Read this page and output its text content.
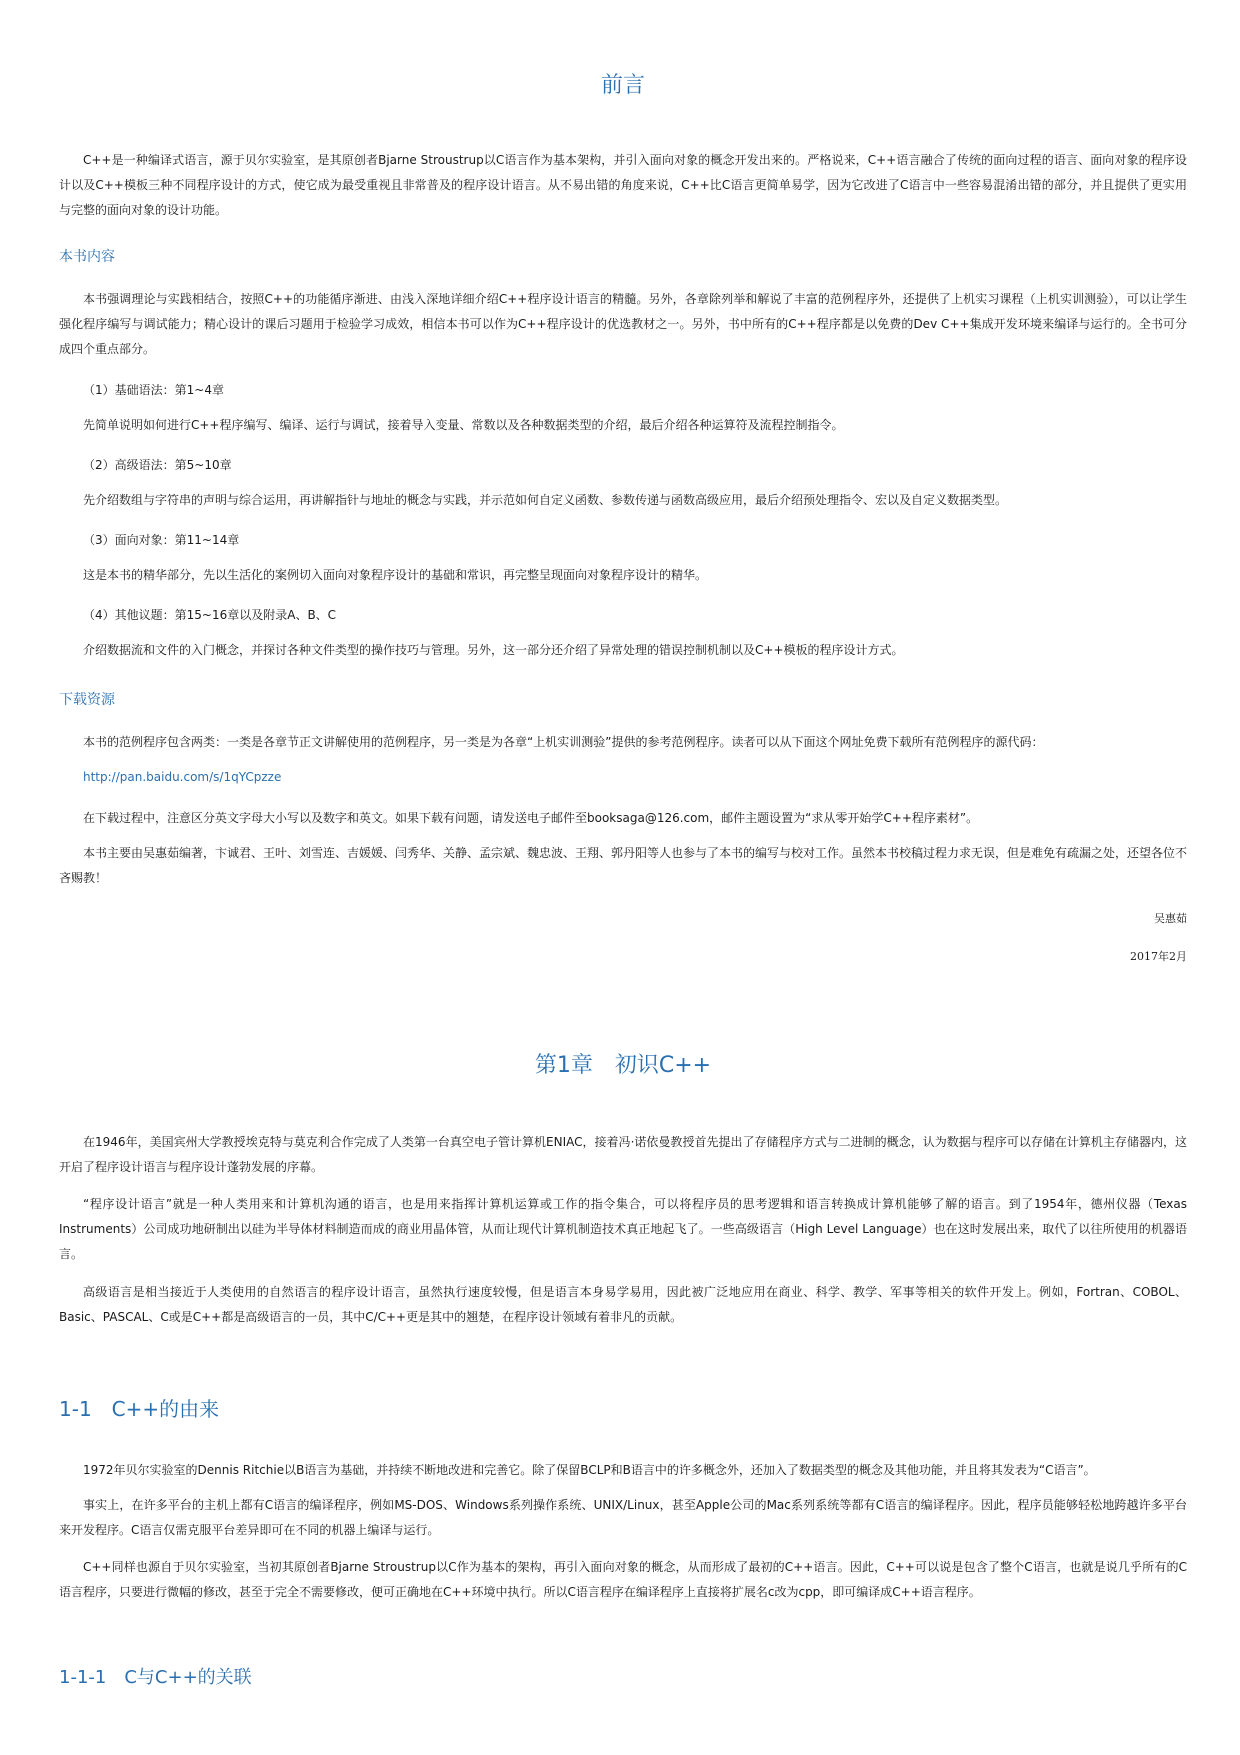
前言

C++是一种编译式语言，源于贝尔实验室，是其原创者Bjarne Stroustrup以C语言作为基本架构，并引入面向对象的概念开发出来的。严格说来，C++语言融合了传统的面向过程的语言、面向对象的程序设计以及C++模板三种不同程序设计的方式，使它成为最受重视且非常普及的程序设计语言。从不易出错的角度来说，C++比C语言更简单易学，因为它改进了C语言中一些容易混淆出错的部分，并且提供了更实用与完整的面向对象的设计功能。

本书内容

本书强调理论与实践相结合，按照C++的功能循序渐进、由浅入深地详细介绍C++程序设计语言的精髓。另外，各章除列举和解说了丰富的范例程序外，还提供了上机实习课程（上机实训测验），可以让学生强化程序编写与调试能力；精心设计的课后习题用于检验学习成效，相信本书可以作为C++程序设计的优选教材之一。另外，书中所有的C++程序都是以免费的Dev C++集成开发环境来编译与运行的。全书可分成四个重点部分。

（1）基础语法：第1~4章

先简单说明如何进行C++程序编写、编译、运行与调试，接着导入变量、常数以及各种数据类型的介绍，最后介绍各种运算符及流程控制指令。

（2）高级语法：第5~10章

先介绍数组与字符串的声明与综合运用，再讲解指针与地址的概念与实践，并示范如何自定义函数、参数传递与函数高级应用，最后介绍预处理指令、宏以及自定义数据类型。

（3）面向对象：第11~14章

这是本书的精华部分，先以生活化的案例切入面向对象程序设计的基础和常识，再完整呈现面向对象程序设计的精华。

（4）其他议题：第15~16章以及附录A、B、C

介绍数据流和文件的入门概念，并探讨各种文件类型的操作技巧与管理。另外，这一部分还介绍了异常处理的错误控制机制以及C++模板的程序设计方式。

下载资源

本书的范例程序包含两类：一类是各章节正文讲解使用的范例程序，另一类是为各章“上机实训测验”提供的参考范例程序。读者可以从下面这个网址免费下载所有范例程序的源代码：

http://pan.baidu.com/s/1qYCpzze

在下载过程中，注意区分英文字母大小写以及数字和英文。如果下载有问题，请发送电子邮件至booksaga@126.com，邮件主题设置为“求从零开始学C++程序素材”。

本书主要由吴惠茹编著，卞诚君、王叶、刘雪连、吉媛媛、闫秀华、关静、孟宗斌、魏忠波、王翔、郭丹阳等人也参与了本书的编写与校对工作。虽然本书校稿过程力求无误，但是难免有疏漏之处，还望各位不吝赐教！

吴惠茹
2017年2月
第1章　初识C++

在1946年，美国宾州大学教授埃克特与莫克利合作完成了人类第一台真空电子管计算机ENIAC，接着冯·诺依曼教授首先提出了存储程序方式与二进制的概念，认为数据与程序可以存储在计算机主存储器内，这开启了程序设计语言与程序设计蓬勃发展的序幕。

“程序设计语言”就是一种人类用来和计算机沟通的语言，也是用来指挥计算机运算或工作的指令集合，可以将程序员的思考逻辑和语言转换成计算机能够了解的语言。到了1954年，德州仪器（Texas Instruments）公司成功地研制出以硅为半导体材料制造而成的商业用晶体管，从而让现代计算机制造技术真正地起飞了。一些高级语言（High Level Language）也在这时发展出来，取代了以往所使用的机器语言。

高级语言是相当接近于人类使用的自然语言的程序设计语言，虽然执行速度较慢，但是语言本身易学易用，因此被广泛地应用在商业、科学、教学、军事等相关的软件开发上。例如，Fortran、COBOL、Basic、PASCAL、C或是C++都是高级语言的一员，其中C/C++更是其中的翘楚，在程序设计领域有着非凡的贡献。

1-1　C++的由来

1972年贝尔实验室的Dennis Ritchie以B语言为基础，并持续不断地改进和完善它。除了保留BCLP和B语言中的许多概念外，还加入了数据类型的概念及其他功能，并且将其发表为“C语言”。

事实上，在许多平台的主机上都有C语言的编译程序，例如MS-DOS、Windows系列操作系统、UNIX/Linux，甚至Apple公司的Mac系列系统等都有C语言的编译程序。因此，程序员能够轻松地跨越许多平台来开发程序。C语言仅需克服平台差异即可在不同的机器上编译与运行。

C++同样也源自于贝尔实验室，当初其原创者Bjarne Stroustrup以C作为基本的架构，再引入面向对象的概念，从而形成了最初的C++语言。因此，C++可以说是包含了整个C语言，也就是说几乎所有的C语言程序，只要进行微幅的修改，甚至于完全不需要修改，便可正确地在C++环境中执行。所以C语言程序在编译程序上直接将扩展名c改为cpp，即可编译成C++语言程序。

1-1-1　C与C++的关联
